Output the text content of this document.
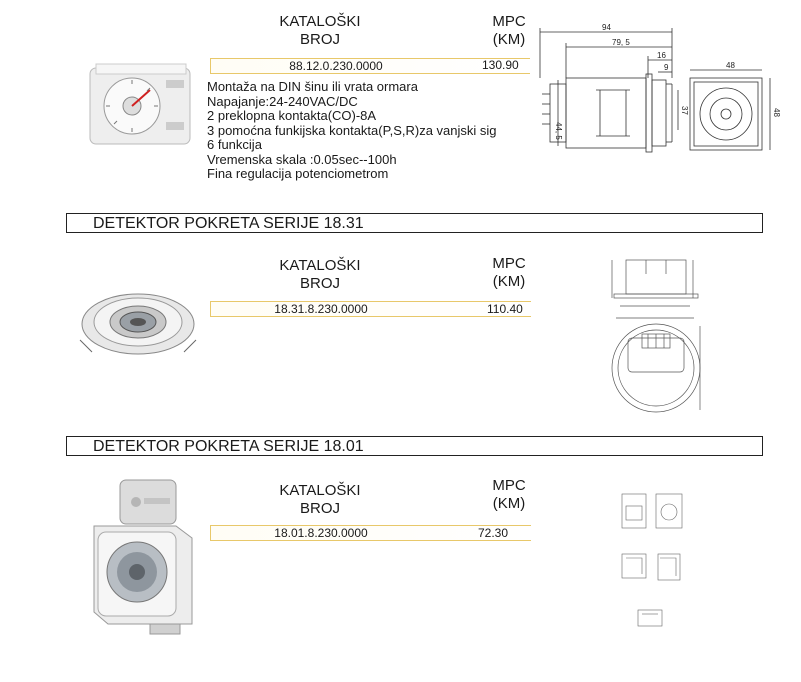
KATALOŠKI
BROJ
MPC
(KM)
88.12.0.230.0000	130.90
Montaža na DIN šinu ili vrata ormara
Napajanje:24-240VAC/DC
2 preklopna kontakta(CO)-8A
3 pomoćna funkijska kontakta(P,S,R)za vanjski sig
6 funkcija
Vremenska skala :0.05sec--100h
Fina regulacija potenciometrom
94
79, 5
16
9	48
44, 5
37	48
DETEKTOR POKRETA SERIJE 18.31
KATALOŠKI
BROJ
MPC
(KM)
18.31.8.230.0000	110.40
DETEKTOR POKRETA SERIJE 18.01
KATALOŠKI
BROJ
MPC
(KM)
18.01.8.230.0000	72.30
